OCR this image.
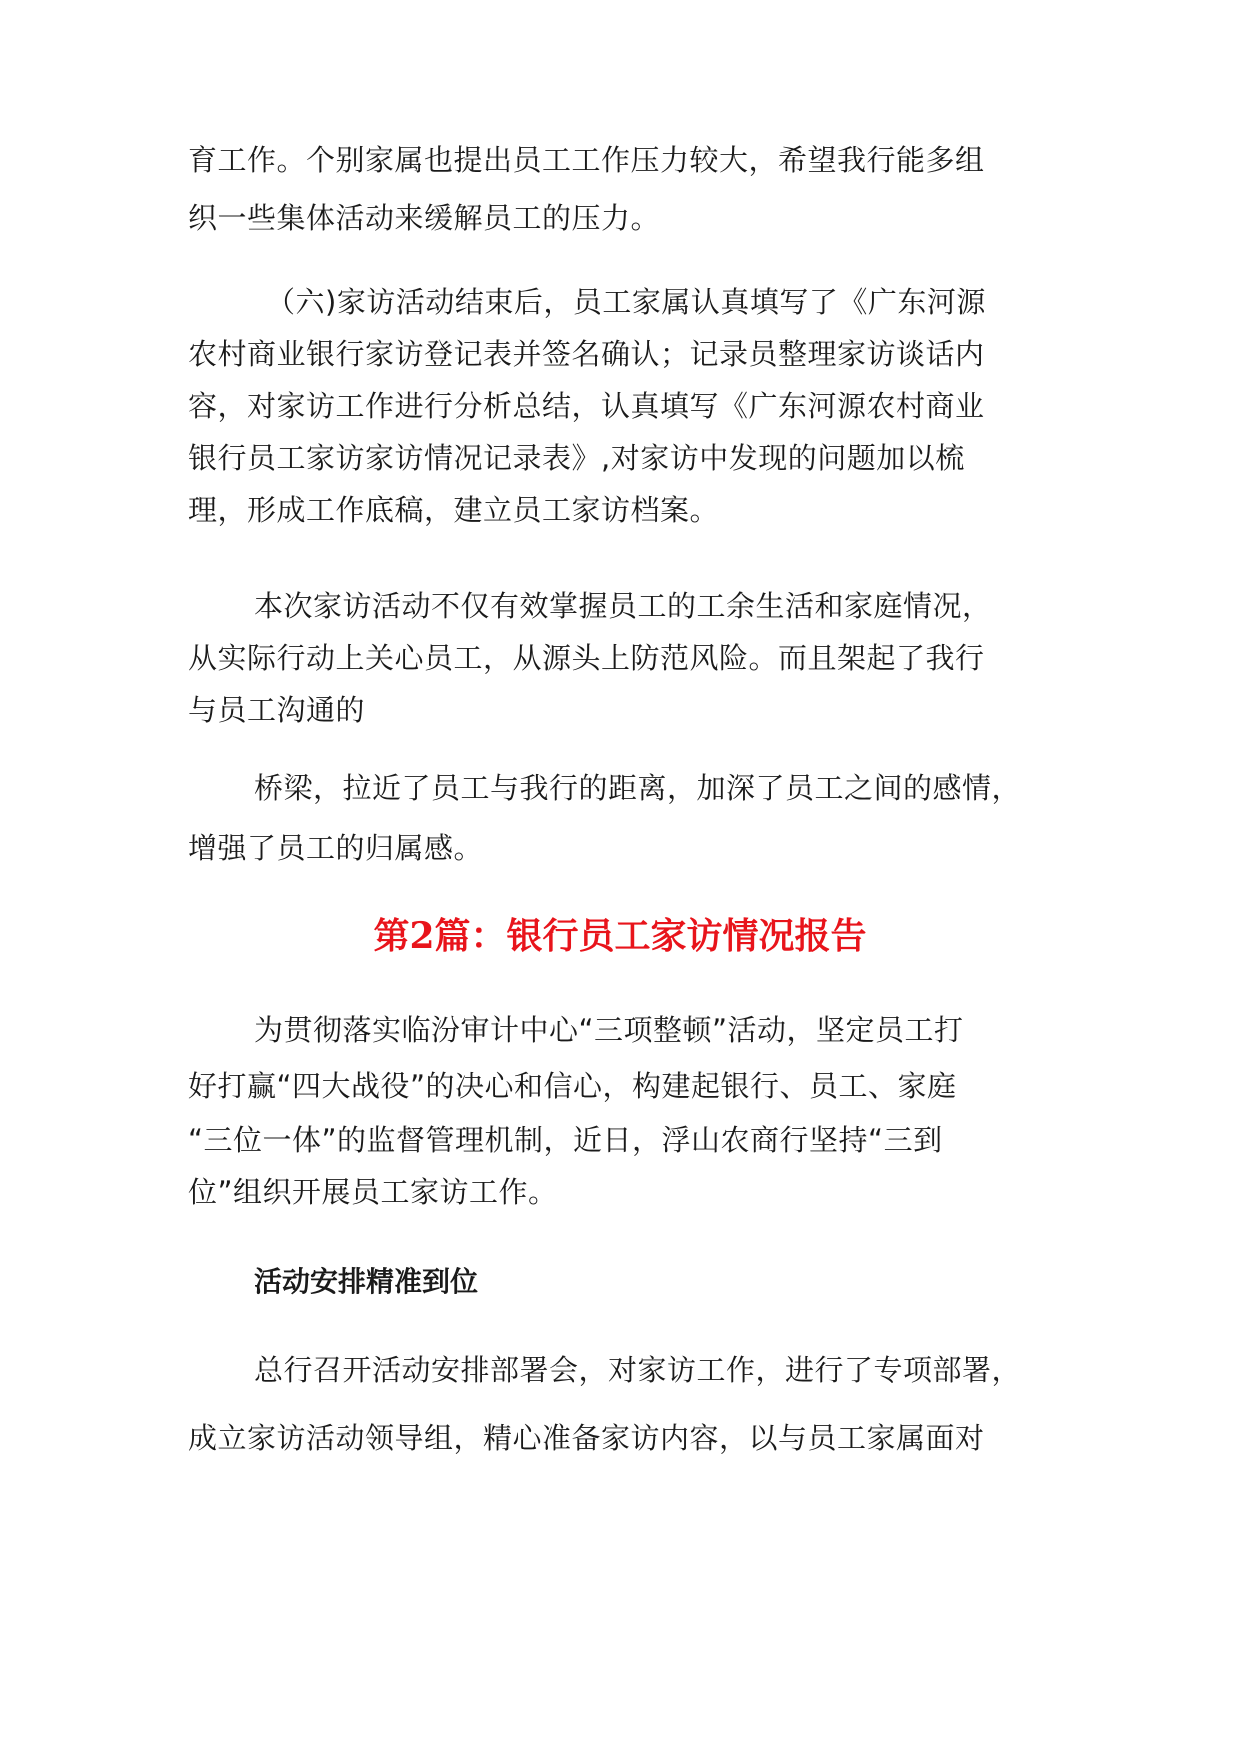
育工作。个别家属也提出员工工作压力较大，希望我行能多组
织一些集体活动来缓解员工的压力。
（六)家访活动结束后，员工家属认真填写了《广东河源
农村商业银行家访登记表并签名确认；记录员整理家访谈话内
容，对家访工作进行分析总结，认真填写《广东河源农村商业
银行员工家访家访情况记录表》,对家访中发现的问题加以梳
理，形成工作底稿，建立员工家访档案。
本次家访活动不仅有效掌握员工的工余生活和家庭情况，
从实际行动上关心员工，从源头上防范风险。而且架起了我行
与员工沟通的
桥梁，拉近了员工与我行的距离，加深了员工之间的感情，
增强了员工的归属感。
第2篇：银行员工家访情况报告
为贯彻落实临汾审计中心“三项整顿”活动，坚定员工打
好打赢“四大战役”的决心和信心，构建起银行、员工、家庭
“三位一体”的监督管理机制，近日，浮山农商行坚持“三到
位”组织开展员工家访工作。
活动安排精准到位
总行召开活动安排部署会，对家访工作，进行了专项部署，
成立家访活动领导组，精心准备家访内容，以与员工家属面对
